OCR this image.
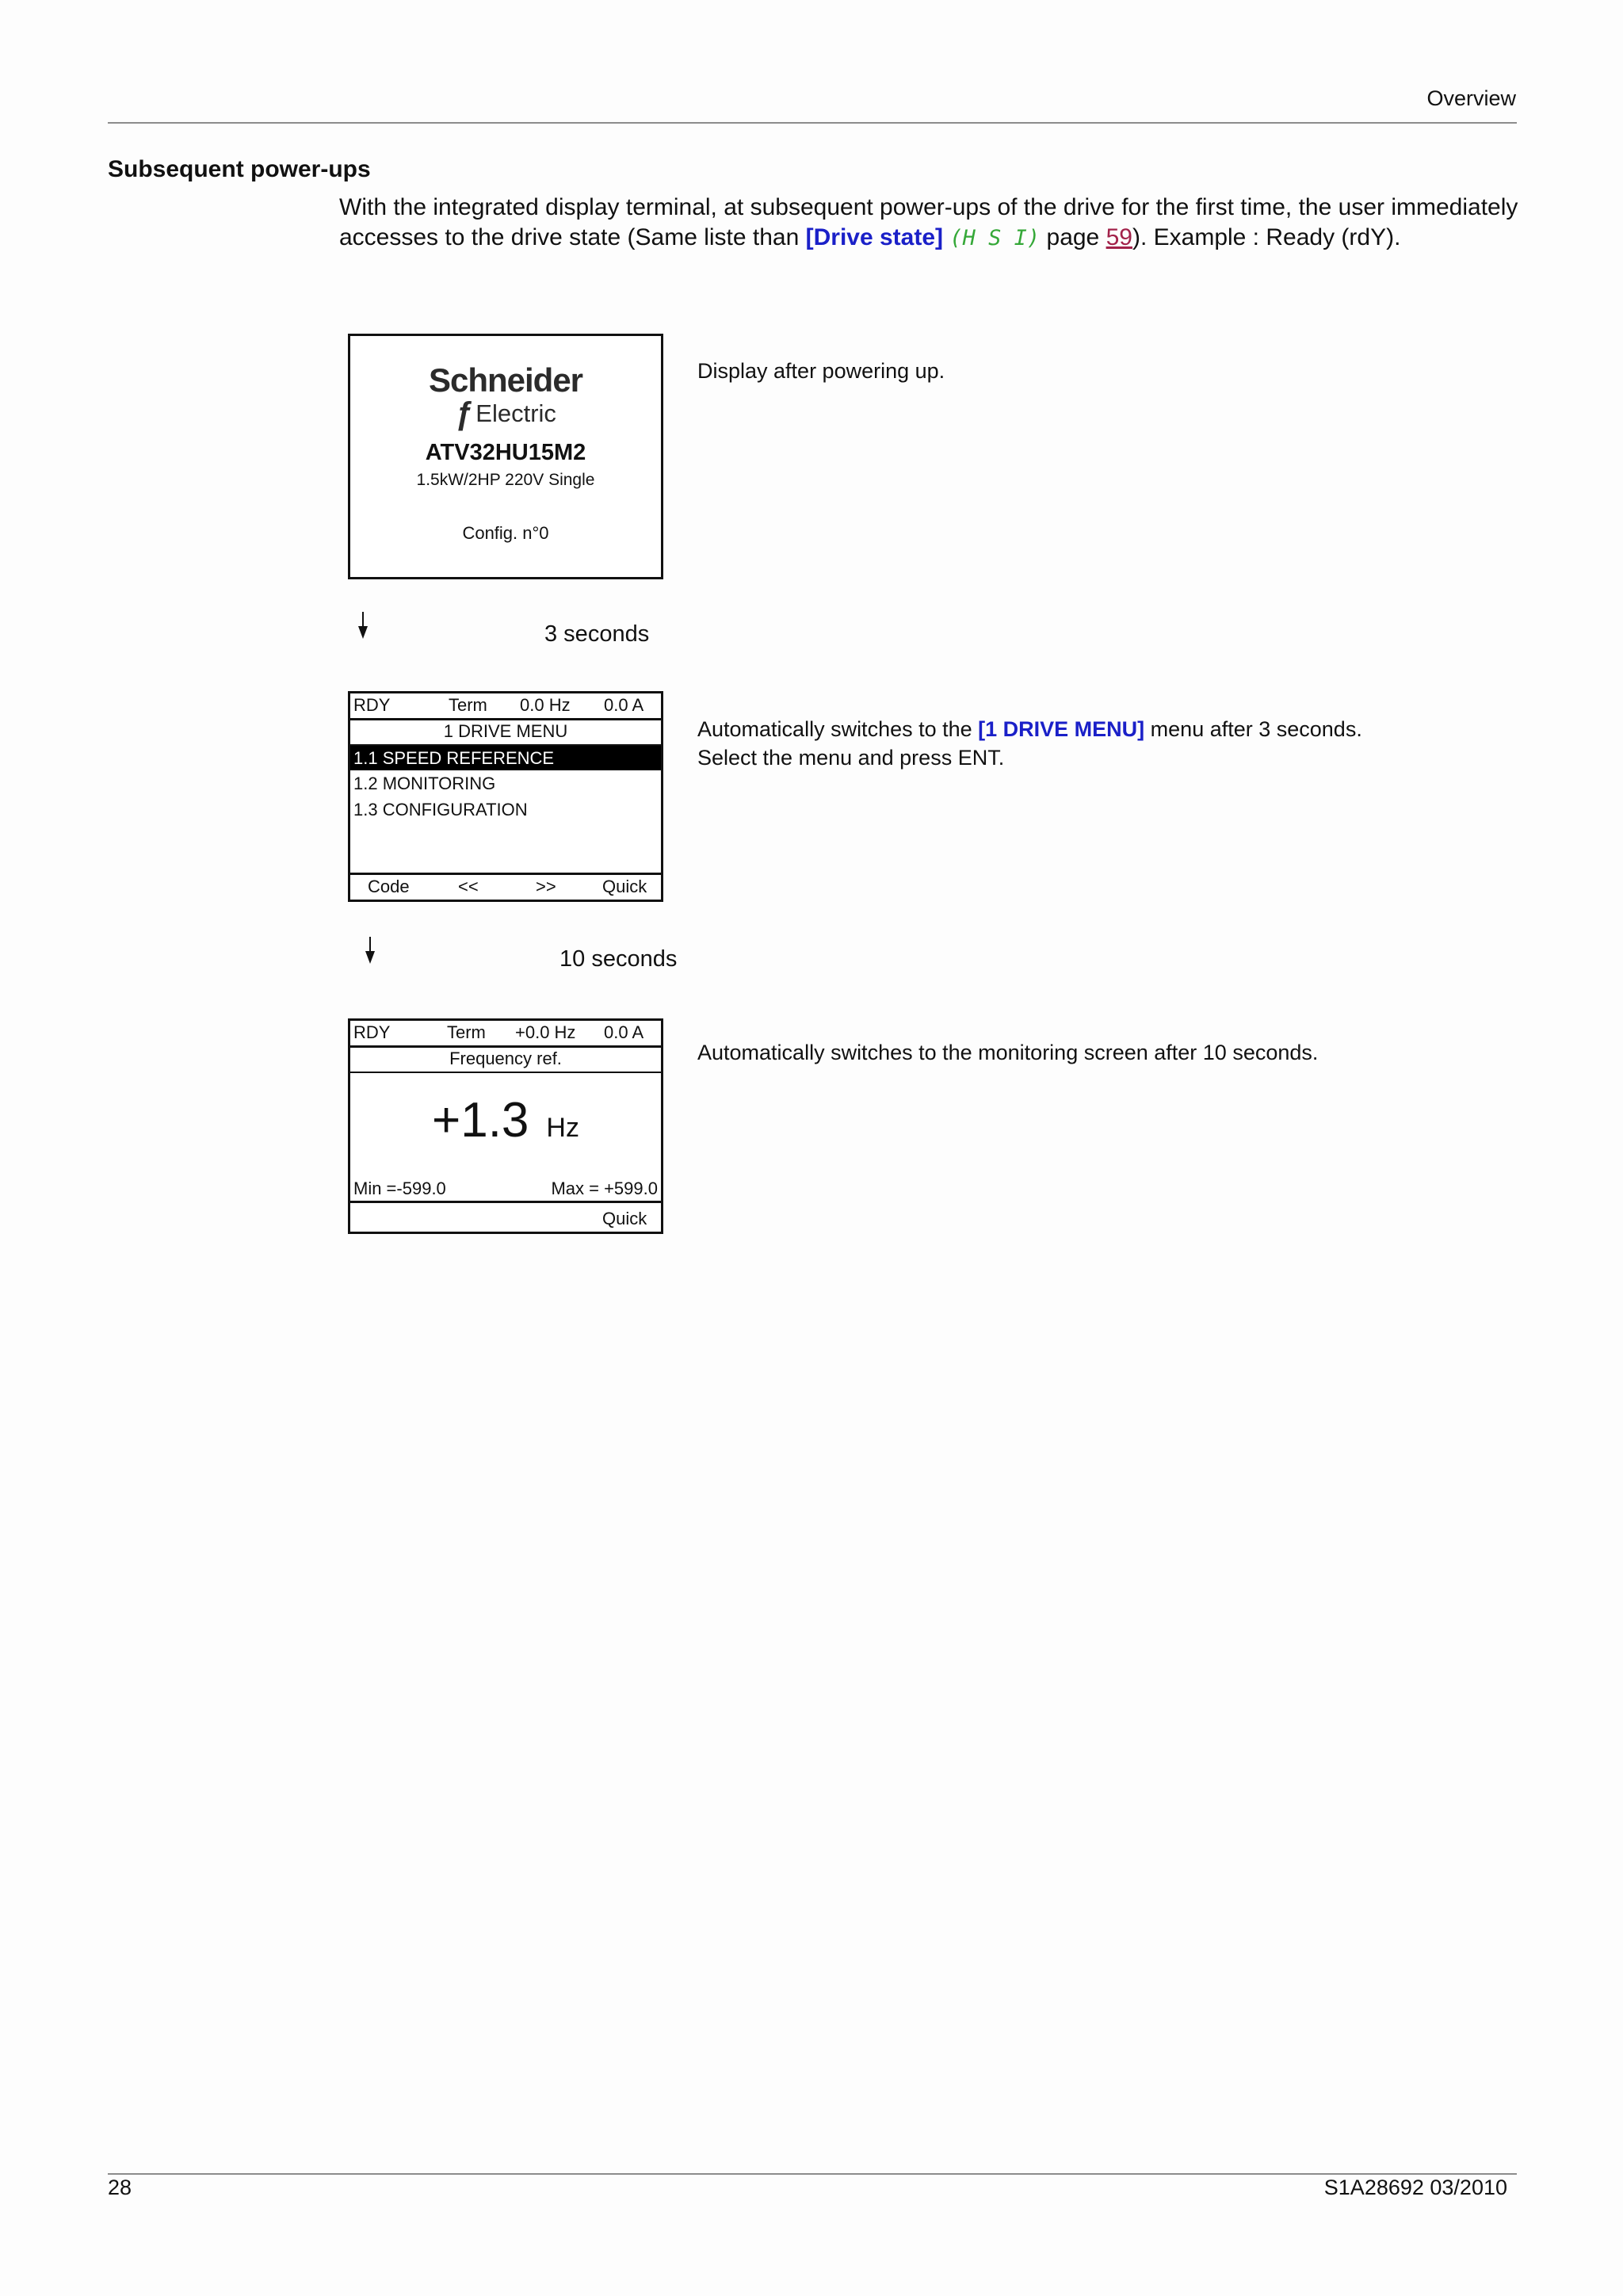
Overview
Subsequent power-ups
With the integrated display terminal, at subsequent power-ups of the drive for the first time, the user immediately accesses to the drive state (Same liste than [Drive state] (H S I) page 59). Example : Ready (rdY).
Schneider
ƒ Electric
ATV32HU15M2
1.5kW/2HP 220V Single
Config. n°0
Display after powering up.
3 seconds
RDY	Term 0.0 Hz 0.0 A
1 DRIVE MENU
1.1 SPEED REFERENCE
1.2 MONITORING
1.3 CONFIGURATION
Code	<<	>>	Quick
Automatically switches to the [1 DRIVE MENU] menu after 3 seconds.
Select the menu and press ENT.
10 seconds
RDY	Term +0.0 Hz 0.0 A
Frequency ref.
+1.3 Hz
Min =-599.0	Max = +599.0
Quick
Automatically switches to the monitoring screen after 10 seconds.
28	S1A28692 03/2010
